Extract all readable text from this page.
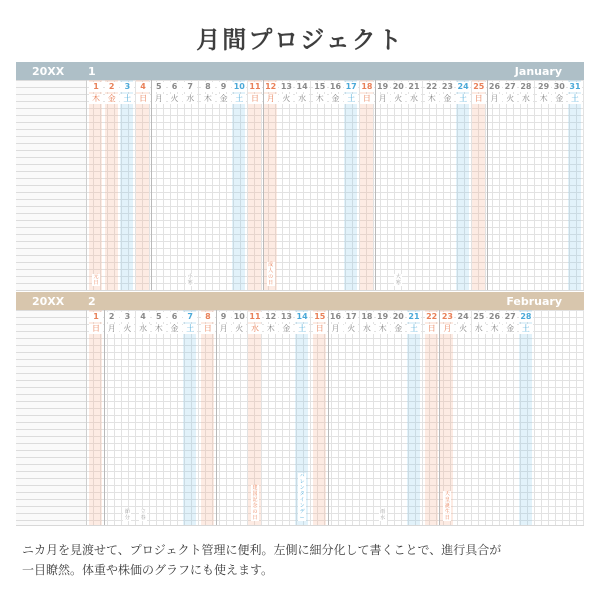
月間プロジェクト
20XX 1	January
1
木
2
金
3
土
4
日
5
月
6
火
7
水
8
木
9
金
10
土
11
日
12
月
13
火
14
水
15
木
16
金
17
土
18
日
19
月
20
火
21
水
22
木
23
金
24
土
25
日
26
月
27
火
28
水
29
木
30
金
31
土
元日
小寒
成人の日
大寒
20XX 2	February
1
日
2
月
3
火
4
水
5
木
6
金
7
土
8
日
9
月
10
火
11
水
12
木
13
金
14
土
15
日
16
月
17
火
18
水
19
木
20
金
21
土
22
日
23
月
24
火
25
水
26
木
27
金
28
土
立春
節分
建国記念の日
バレンタインデー
雨水
天皇誕生日
ニカ月を見渡せて、プロジェクト管理に便利。左側に細分化して書くことで、進行具合が
一目瞭然。体重や株価のグラフにも使えます。
